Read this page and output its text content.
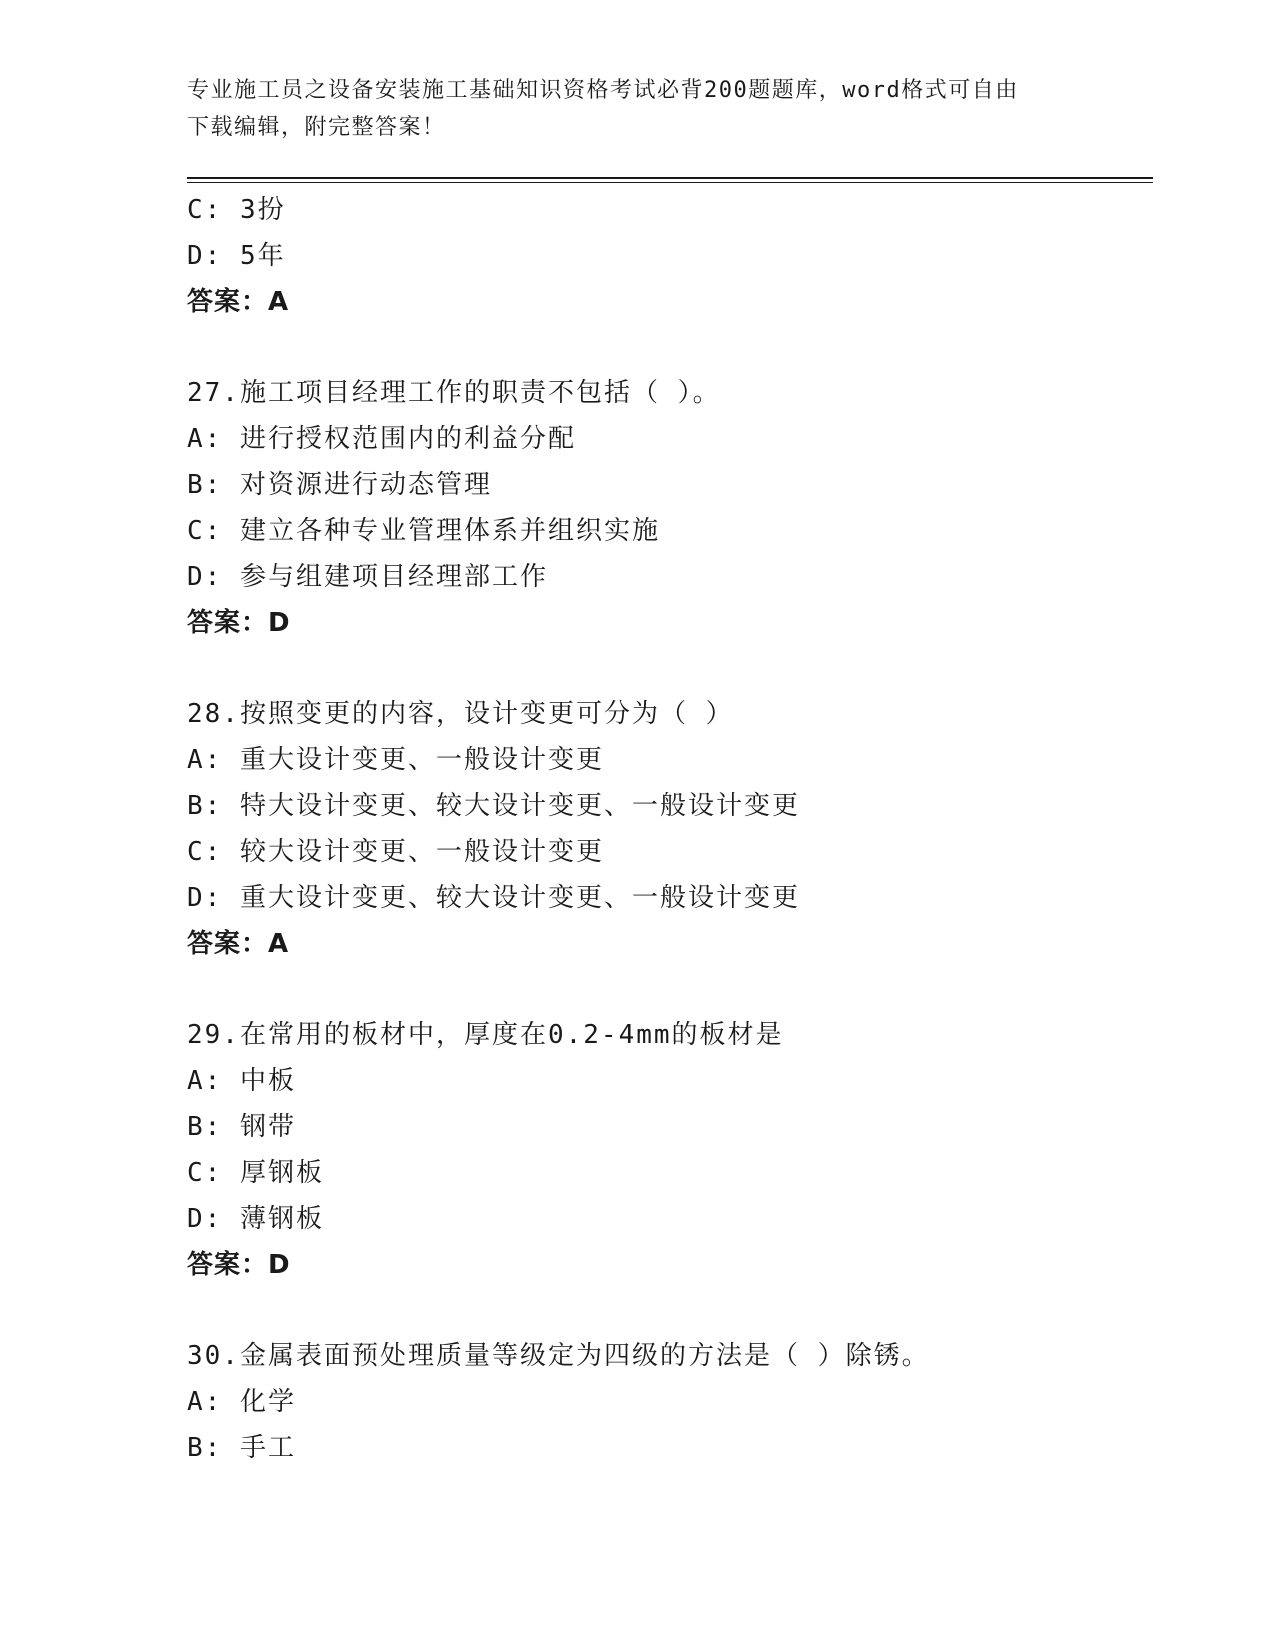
专业施工员之设备安装施工基础知识资格考试必背200题题库，word格式可自由
下载编辑，附完整答案！
C: 3扮
D: 5年
答案：A
27.施工项目经理工作的职责不包括（ ）。
A: 进行授权范围内的利益分配
B: 对资源进行动态管理
C: 建立各种专业管理体系并组织实施
D: 参与组建项目经理部工作
答案：D
28.按照变更的内容，设计变更可分为（ ）
A: 重大设计变更、一般设计变更
B: 特大设计变更、较大设计变更、一般设计变更
C: 较大设计变更、一般设计变更
D: 重大设计变更、较大设计变更、一般设计变更
答案：A
29.在常用的板材中，厚度在0.2-4mm的板材是
A: 中板
B: 钢带
C: 厚钢板
D: 薄钢板
答案：D
30.金属表面预处理质量等级定为四级的方法是（ ）除锈。
A: 化学
B: 手工
